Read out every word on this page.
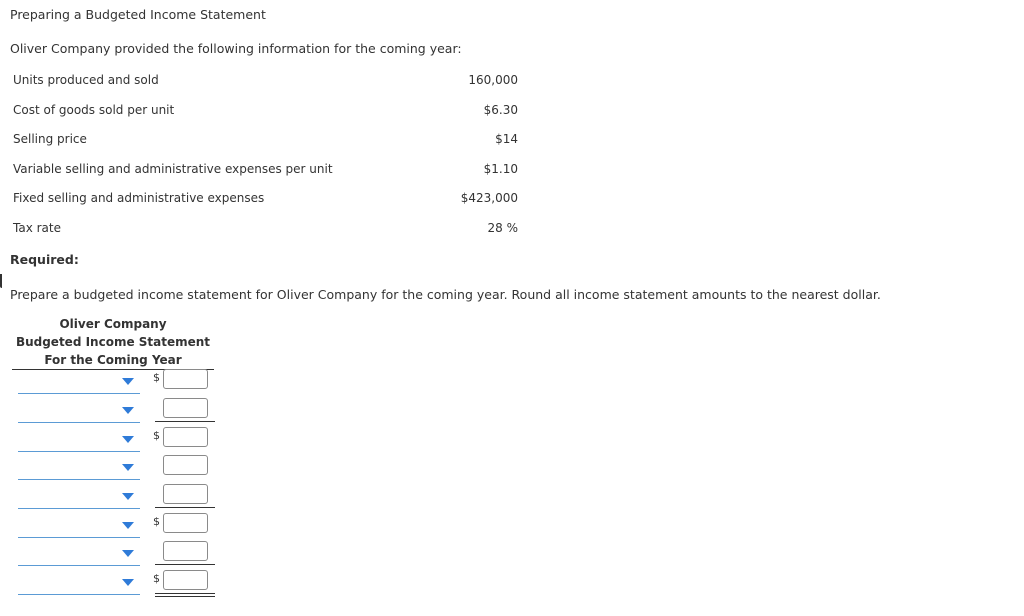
Preparing a Budgeted Income Statement
Oliver Company provided the following information for the coming year:
Units produced and sold	160,000
Cost of goods sold per unit	$6.30
Selling price	$14
Variable selling and administrative expenses per unit	$1.10
Fixed selling and administrative expenses	$423,000
Tax rate	28 %
Required:
Prepare a budgeted income statement for Oliver Company for the coming year. Round all income statement amounts to the nearest dollar.
Oliver Company
Budgeted Income Statement
For the Coming Year
$
$
$
$
